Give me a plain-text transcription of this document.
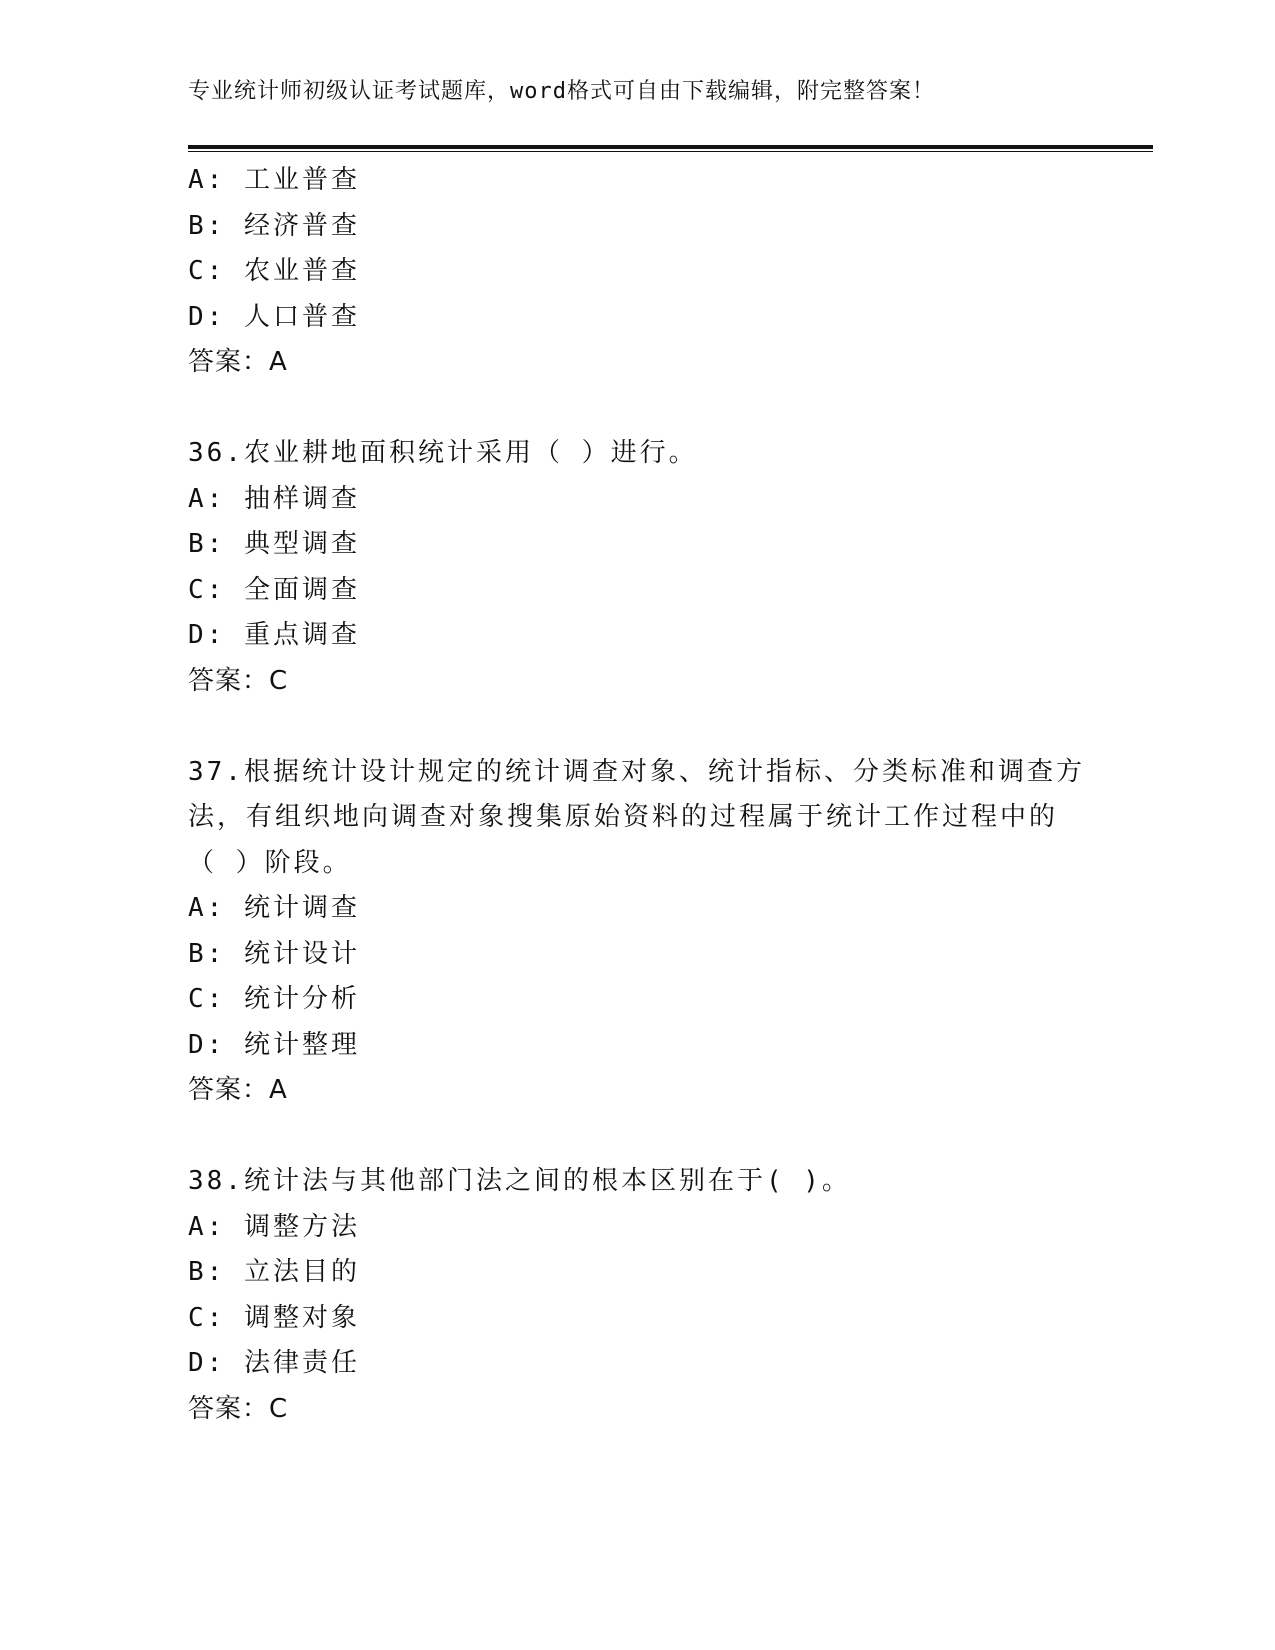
专业统计师初级认证考试题库，word格式可自由下载编辑，附完整答案！
A: 工业普查
B: 经济普查
C: 农业普查
D: 人口普查
答案：A
36.农业耕地面积统计采用（ ）进行。
A: 抽样调查
B: 典型调查
C: 全面调查
D: 重点调查
答案：C
37.根据统计设计规定的统计调查对象、统计指标、分类标准和调查方
法，有组织地向调查对象搜集原始资料的过程属于统计工作过程中的
（ ）阶段。
A: 统计调查
B: 统计设计
C: 统计分析
D: 统计整理
答案：A
38.统计法与其他部门法之间的根本区别在于( )。
A: 调整方法
B: 立法目的
C: 调整对象
D: 法律责任
答案：C
